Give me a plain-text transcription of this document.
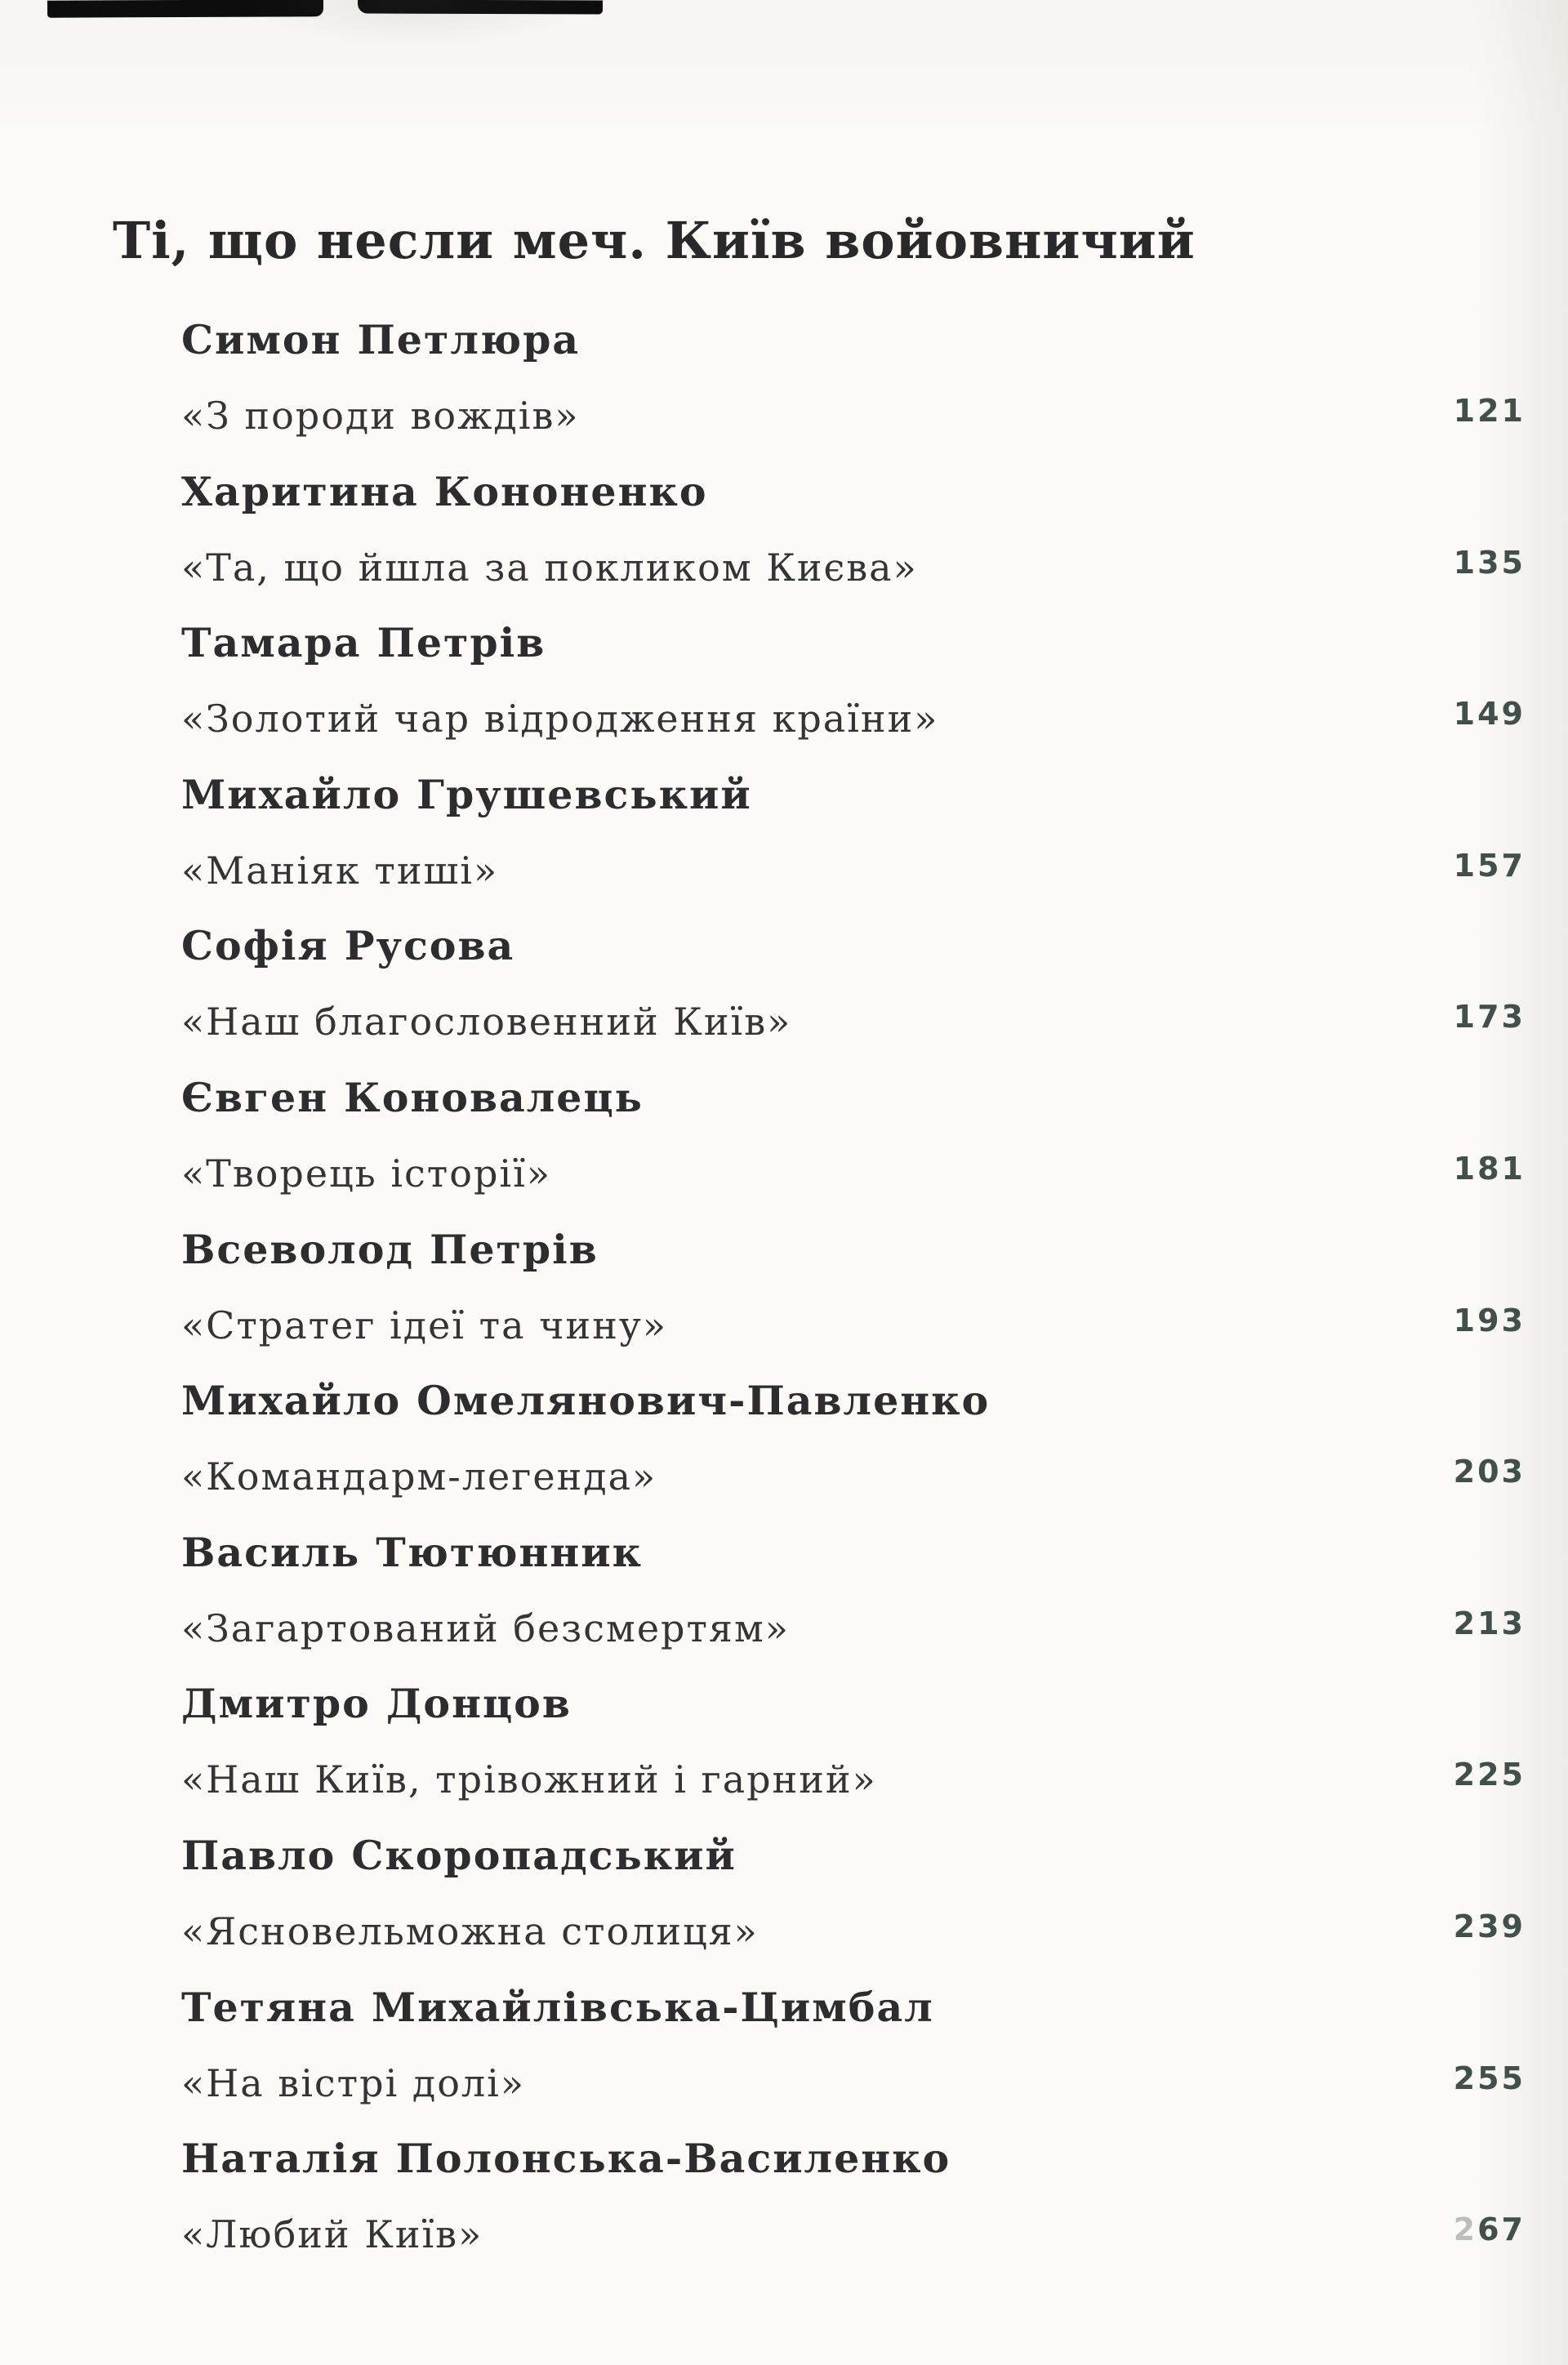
Ті, що несли меч. Київ войовничий
Симон Петлюра
«З породи вождів»	121
Харитина Кононенко
«Та, що йшла за покликом Києва»	135
Тамара Петрів
«Золотий чар відродження країни»	149
Михайло Грушевський
«Маніяк тиші»	157
Софія Русова
«Наш благословенний Київ»	173
Євген Коновалець
«Творець історії»	181
Всеволод Петрів
«Стратег ідеї та чину»	193
Михайло Омелянович-Павленко
«Командарм-легенда»	203
Василь Тютюнник
«Загартований безсмертям»	213
Дмитро Донцов
«Наш Київ, трівожний і гарний»	225
Павло Скоропадський
«Ясновельможна столиця»	239
Тетяна Михайлівська-Цимбал
«На вістрі долі»	255
Наталія Полонська-Василенко
«Любий Київ»	267
